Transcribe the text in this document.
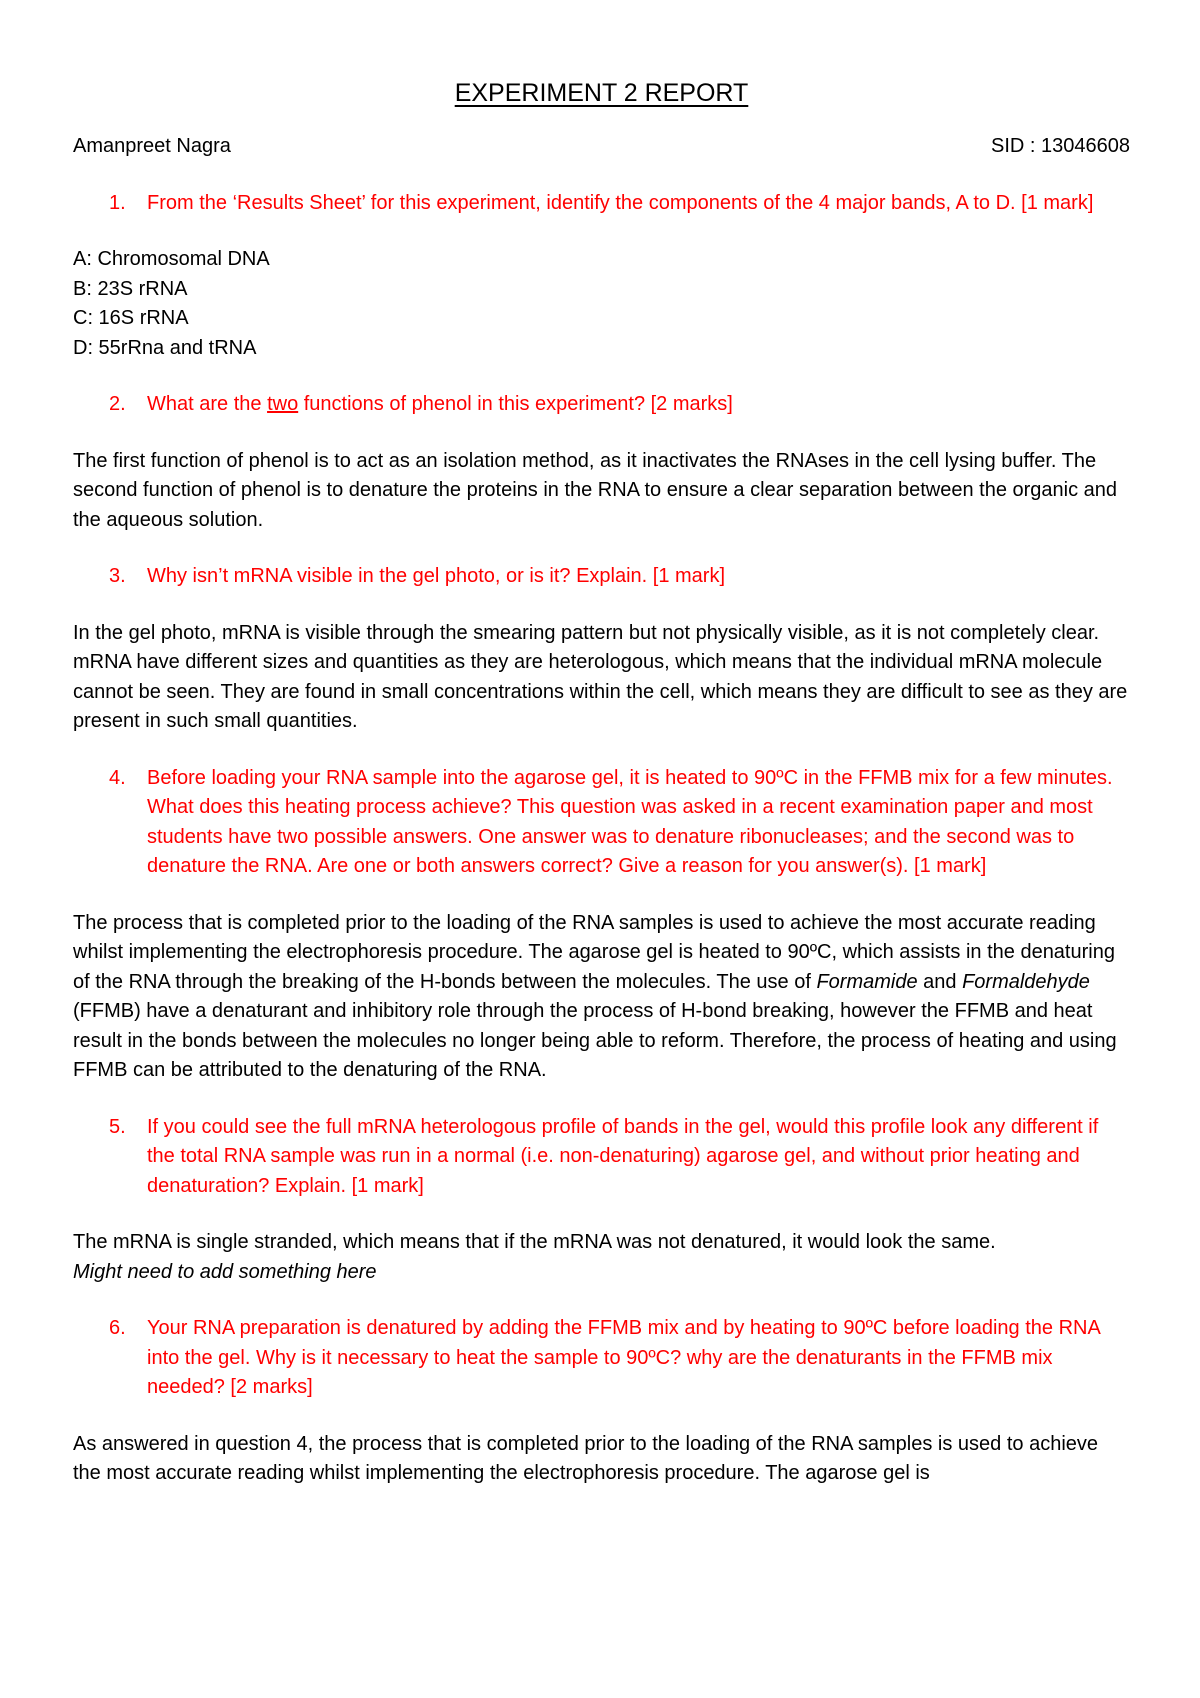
EXPERIMENT 2 REPORT
Amanpreet Nagra	SID : 13046608
1.	From the ‘Results Sheet’ for this experiment, identify the components of the 4 major bands, A to D. [1 mark]
A: Chromosomal DNA
B: 23S rRNA
C: 16S rRNA
D: 55rRna and tRNA
2.	What are the two functions of phenol in this experiment? [2 marks]

The first function of phenol is to act as an isolation method, as it inactivates the RNAses in the cell lysing buffer. The second function of phenol is to denature the proteins in the RNA to ensure a clear separation between the organic and the aqueous solution.

3.	Why isn’t mRNA visible in the gel photo, or is it? Explain. [1 mark]

In the gel photo, mRNA is visible through the smearing pattern but not physically visible, as it is not completely clear. mRNA have different sizes and quantities as they are heterologous, which means that the individual mRNA molecule cannot be seen. They are found in small concentrations within the cell, which means they are difficult to see as they are present in such small quantities.

4.	Before loading your RNA sample into the agarose gel, it is heated to 90ºC in the FFMB mix for a few minutes. What does this heating process achieve? This question was asked in a recent examination paper and most students have two possible answers. One answer was to denature ribonucleases; and the second was to denature the RNA. Are one or both answers correct? Give a reason for you answer(s). [1 mark]

The process that is completed prior to the loading of the RNA samples is used to achieve the most accurate reading whilst implementing the electrophoresis procedure. The agarose gel is heated to 90ºC, which assists in the denaturing of the RNA through the breaking of the H-bonds between the molecules. The use of Formamide and Formaldehyde (FFMB) have a denaturant and inhibitory role through the process of H-bond breaking, however the FFMB and heat result in the bonds between the molecules no longer being able to reform. Therefore, the process of heating and using FFMB can be attributed to the denaturing of the RNA.

5.	If you could see the full mRNA heterologous profile of bands in the gel, would this profile look any different if the total RNA sample was run in a normal (i.e. non-denaturing) agarose gel, and without prior heating and denaturation? Explain. [1 mark]

The mRNA is single stranded, which means that if the mRNA was not denatured, it would look the same.
Might need to add something here

6.	Your RNA preparation is denatured by adding the FFMB mix and by heating to 90ºC before loading the RNA into the gel. Why is it necessary to heat the sample to 90ºC? why are the denaturants in the FFMB mix needed? [2 marks]

As answered in question 4, the process that is completed prior to the loading of the RNA samples is used to achieve the most accurate reading whilst implementing the electrophoresis procedure. The agarose gel is
